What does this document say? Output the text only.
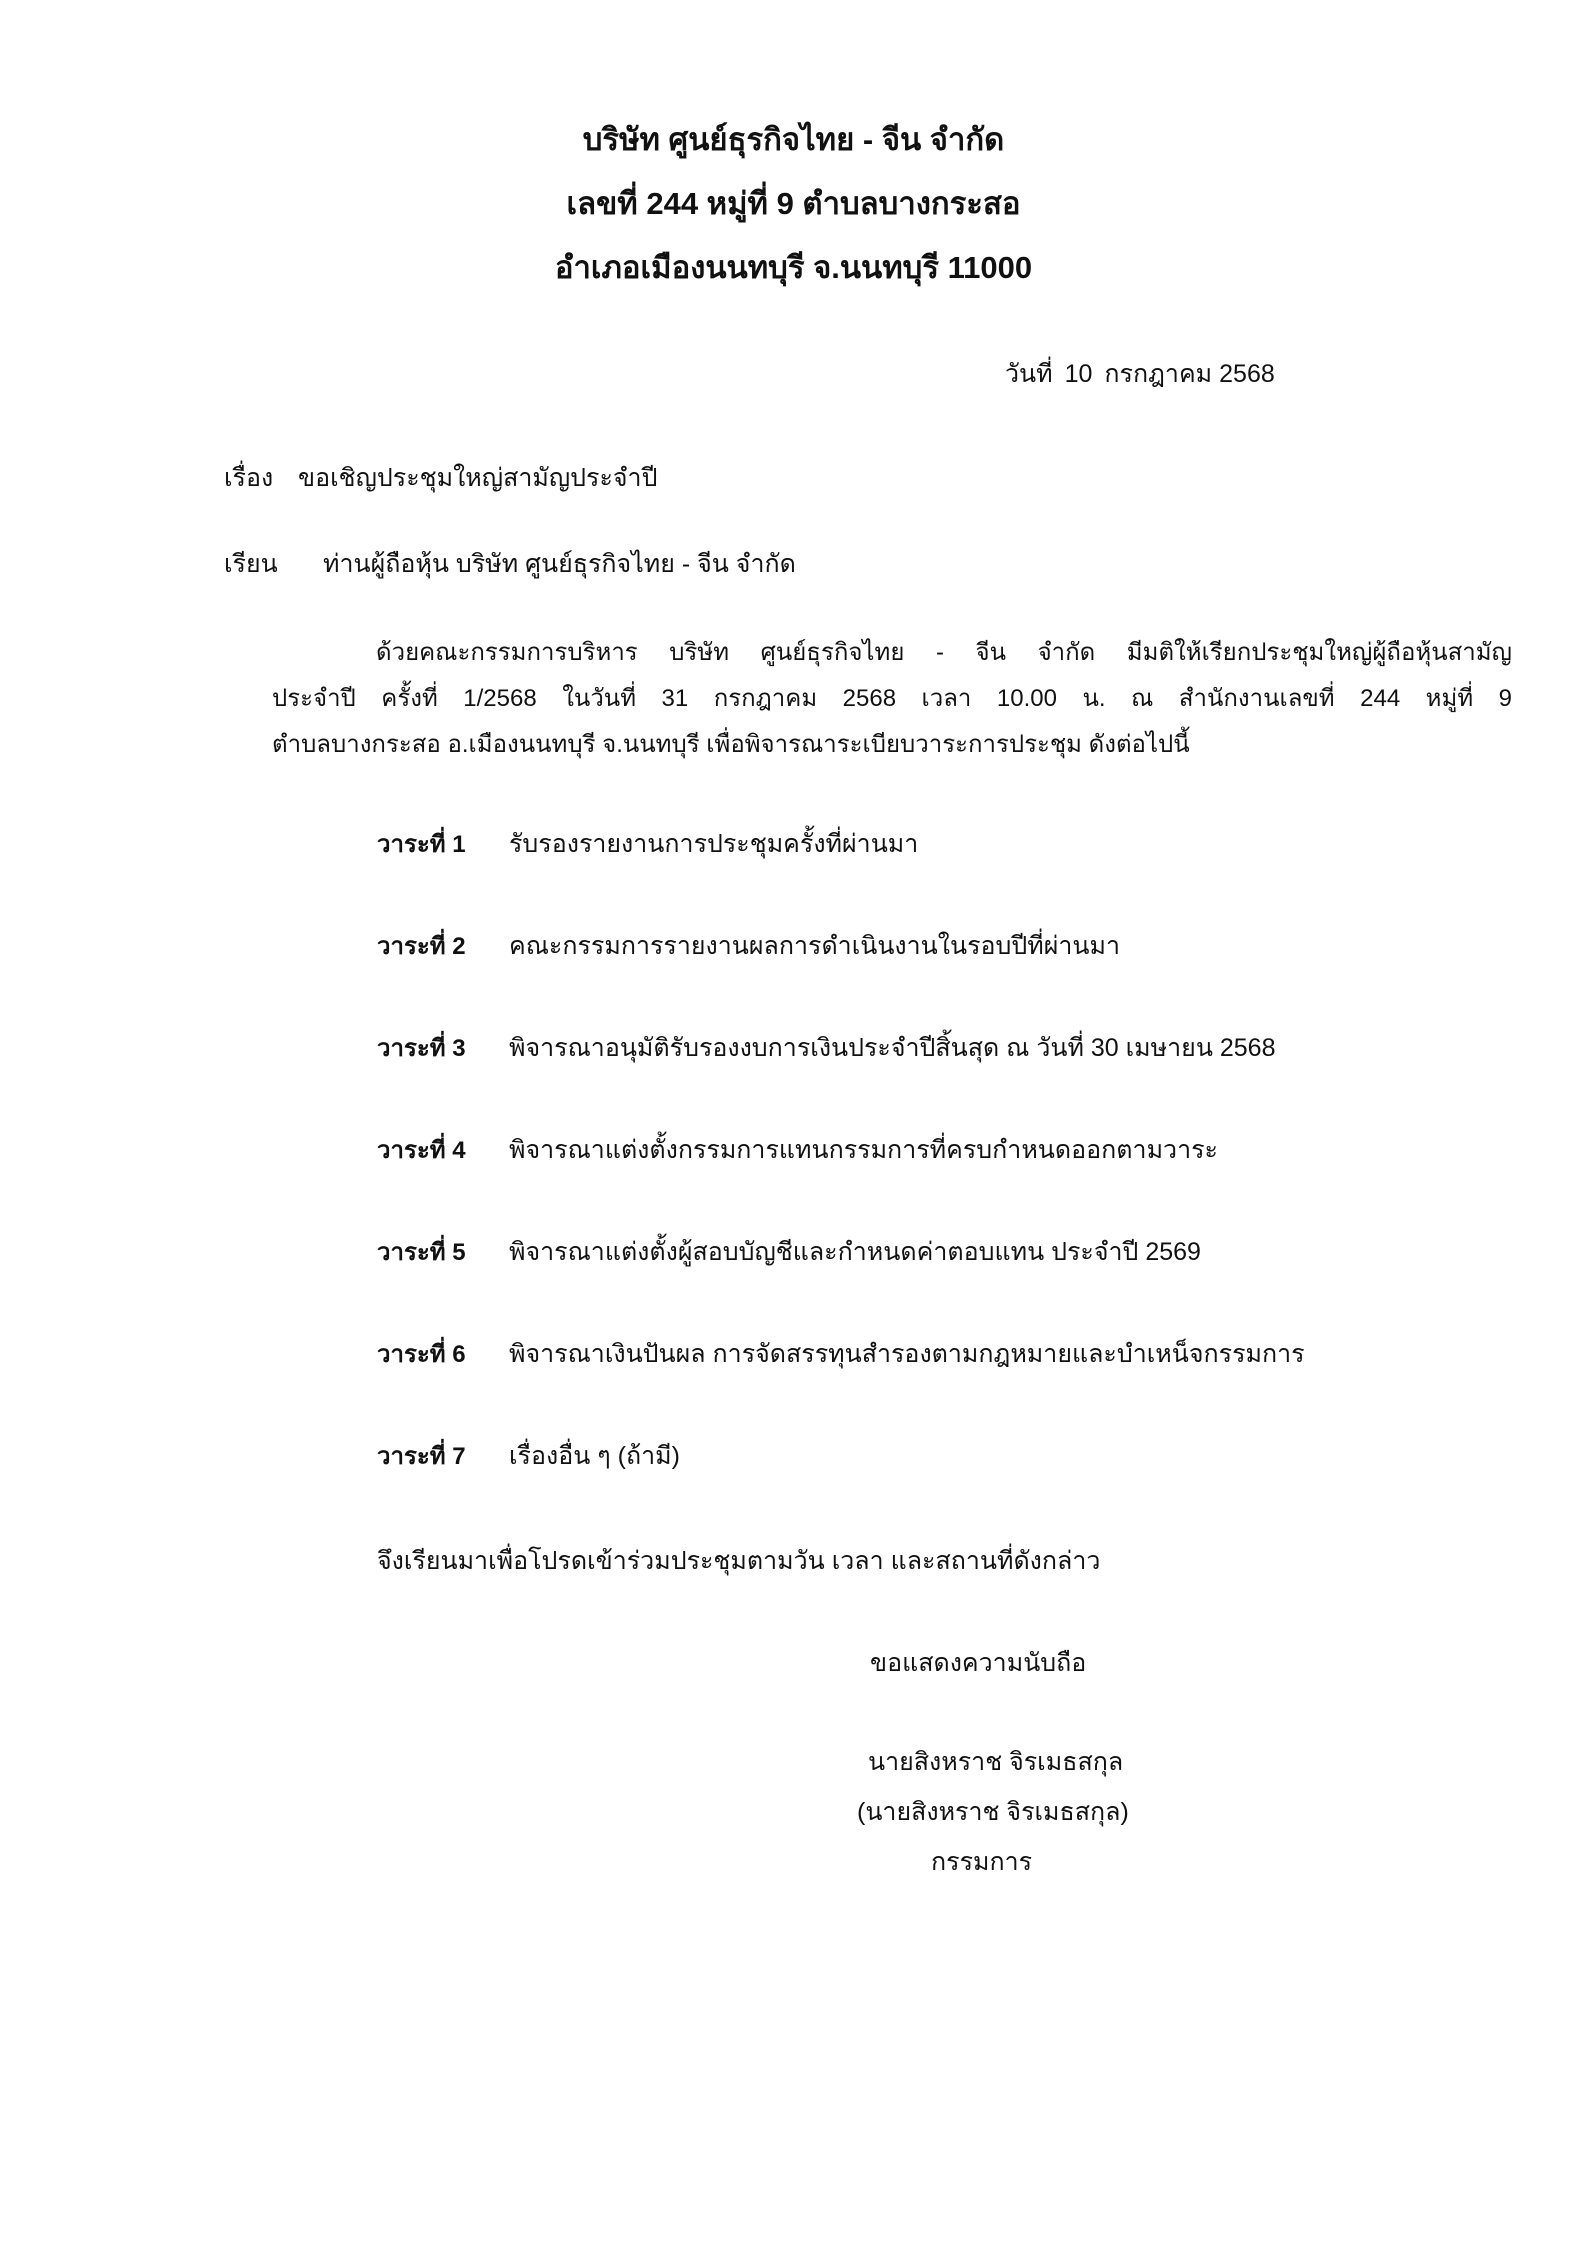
บริษัท ศูนย์ธุรกิจไทย - จีน จำกัด
เลขที่ 244 หมู่ที่ 9 ตำบลบางกระสอ
อำเภอเมืองนนทบุรี จ.นนทบุรี 11000
วันที่ 10 กรกฎาคม 2568
เรื่อง ขอเชิญประชุมใหญ่สามัญประจำปี
เรียน ท่านผู้ถือหุ้น บริษัท ศูนย์ธุรกิจไทย - จีน จำกัด
ด้วยคณะกรรมการบริหาร บริษัท ศูนย์ธุรกิจไทย - จีน จำกัด มีมติให้เรียกประชุมใหญ่ผู้ถือหุ้นสามัญ
ประจำปี ครั้งที่ 1/2568 ในวันที่ 31 กรกฎาคม 2568 เวลา 10.00 น. ณ สำนักงานเลขที่ 244 หมู่ที่ 9
ตำบลบางกระสอ อ.เมืองนนทบุรี จ.นนทบุรี เพื่อพิจารณาระเบียบวาระการประชุม ดังต่อไปนี้
วาระที่ 1 รับรองรายงานการประชุมครั้งที่ผ่านมา
วาระที่ 2 คณะกรรมการรายงานผลการดำเนินงานในรอบปีที่ผ่านมา
วาระที่ 3 พิจารณาอนุมัติรับรองงบการเงินประจำปีสิ้นสุด ณ วันที่ 30 เมษายน 2568
วาระที่ 4 พิจารณาแต่งตั้งกรรมการแทนกรรมการที่ครบกำหนดออกตามวาระ
วาระที่ 5 พิจารณาแต่งตั้งผู้สอบบัญชีและกำหนดค่าตอบแทน ประจำปี 2569
วาระที่ 6 พิจารณาเงินปันผล การจัดสรรทุนสำรองตามกฎหมายและบำเหน็จกรรมการ
วาระที่ 7 เรื่องอื่น ๆ (ถ้ามี)
จึงเรียนมาเพื่อโปรดเข้าร่วมประชุมตามวัน เวลา และสถานที่ดังกล่าว
ขอแสดงความนับถือ
นายสิงหราช จิรเมธสกุล
(นายสิงหราช จิรเมธสกุล)
กรรมการ
